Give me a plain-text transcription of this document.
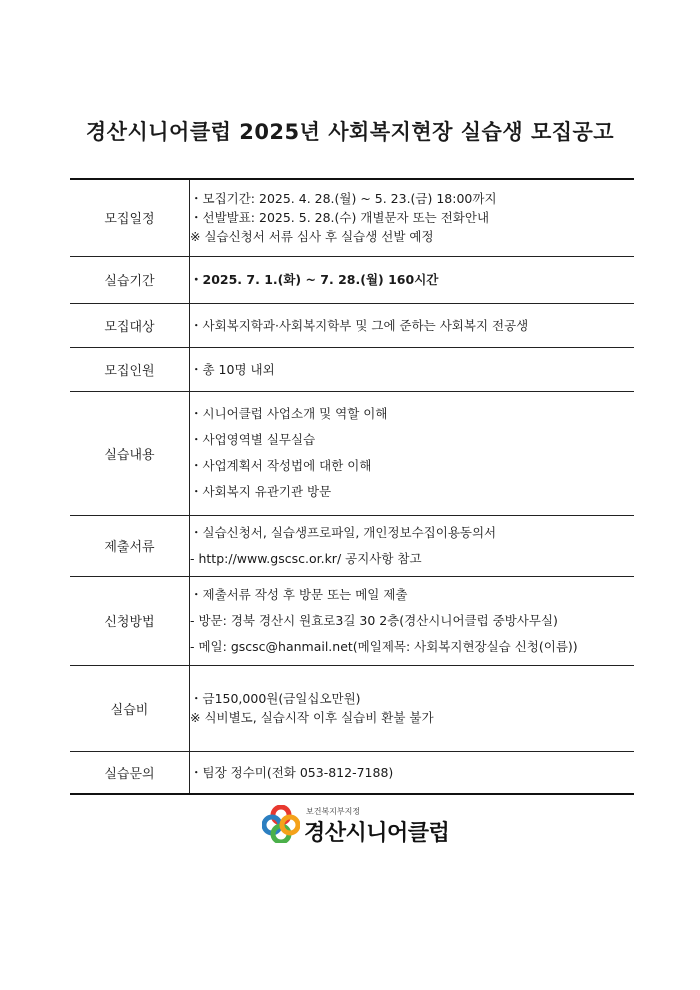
경산시니어클럽 2025년 사회복지현장 실습생 모집공고
모집일정	・모집기간: 2025. 4. 28.(월) ~ 5. 23.(금) 18:00까지
・선발발표: 2025. 5. 28.(수) 개별문자 또는 전화안내
※ 실습신청서 서류 심사 후 실습생 선발 예정

실습기간	・2025. 7. 1.(화) ~ 7. 28.(월) 160시간

모집대상	・사회복지학과·사회복지학부 및 그에 준하는 사회복지 전공생

모집인원	・총 10명 내외

실습내용	・시니어클럽 사업소개 및 역할 이해
・사업영역별 실무실습
・사업계획서 작성법에 대한 이해
・사회복지 유관기관 방문

제출서류	・실습신청서, 실습생프로파일, 개인정보수집이용동의서
- http://www.gscsc.or.kr/ 공지사항 참고

신청방법	・제출서류 작성 후 방문 또는 메일 제출
- 방문: 경북 경산시 원효로3길 30 2층(경산시니어클럽 중방사무실)
- 메일: gscsc@hanmail.net(메일제목: 사회복지현장실습 신청(이름))

실습비	・금150,000원(금일십오만원)
※ 식비별도, 실습시작 이후 실습비 환불 불가

실습문의	・팀장 정수미(전화 053-812-7188)
보건복지부지정
경산시니어클럽
